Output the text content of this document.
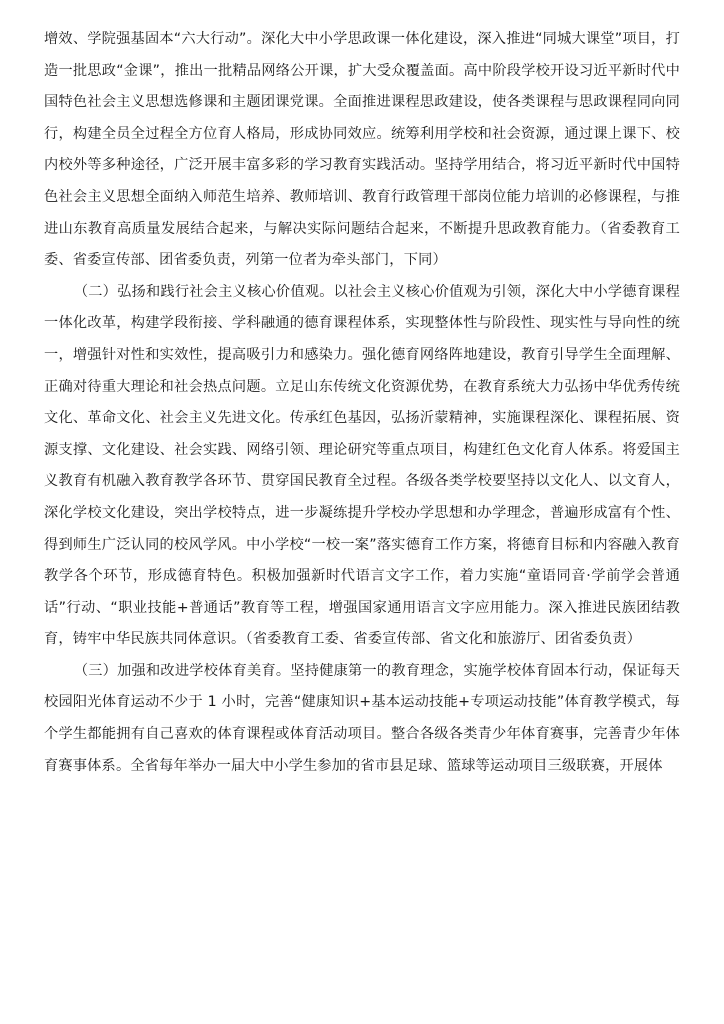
增效、学院强基固本“六大行动”。深化大中小学思政课一体化建设，深入推进“同城大课堂”项目，打造一批思政“金课”，推出一批精品网络公开课，扩大受众覆盖面。高中阶段学校开设习近平新时代中国特色社会主义思想选修课和主题团课党课。全面推进课程思政建设，使各类课程与思政课程同向同行，构建全员全过程全方位育人格局，形成协同效应。统筹利用学校和社会资源，通过课上课下、校内校外等多种途径，广泛开展丰富多彩的学习教育实践活动。坚持学用结合，将习近平新时代中国特色社会主义思想全面纳入师范生培养、教师培训、教育行政管理干部岗位能力培训的必修课程，与推进山东教育高质量发展结合起来，与解决实际问题结合起来，不断提升思政教育能力。（省委教育工委、省委宣传部、团省委负责，列第一位者为牵头部门，下同）

（二）弘扬和践行社会主义核心价值观。以社会主义核心价值观为引领，深化大中小学德育课程一体化改革，构建学段衔接、学科融通的德育课程体系，实现整体性与阶段性、现实性与导向性的统一，增强针对性和实效性，提高吸引力和感染力。强化德育网络阵地建设，教育引导学生全面理解、正确对待重大理论和社会热点问题。立足山东传统文化资源优势，在教育系统大力弘扬中华优秀传统文化、革命文化、社会主义先进文化。传承红色基因，弘扬沂蒙精神，实施课程深化、课程拓展、资源支撑、文化建设、社会实践、网络引领、理论研究等重点项目，构建红色文化育人体系。将爱国主义教育有机融入教育教学各环节、贯穿国民教育全过程。各级各类学校要坚持以文化人、以文育人，深化学校文化建设，突出学校特点，进一步凝练提升学校办学思想和办学理念，普遍形成富有个性、得到师生广泛认同的校风学风。中小学校“一校一案”落实德育工作方案，将德育目标和内容融入教育教学各个环节，形成德育特色。积极加强新时代语言文字工作，着力实施“童语同音·学前学会普通话”行动、“职业技能+普通话”教育等工程，增强国家通用语言文字应用能力。深入推进民族团结教育，铸牢中华民族共同体意识。（省委教育工委、省委宣传部、省文化和旅游厅、团省委负责）

（三）加强和改进学校体育美育。坚持健康第一的教育理念，实施学校体育固本行动，保证每天校园阳光体育运动不少于 1 小时，完善“健康知识+基本运动技能+专项运动技能”体育教学模式，每个学生都能拥有自己喜欢的体育课程或体育活动项目。整合各级各类青少年体育赛事，完善青少年体育赛事体系。全省每年举办一届大中小学生参加的省市县足球、篮球等运动项目三级联赛，开展体
